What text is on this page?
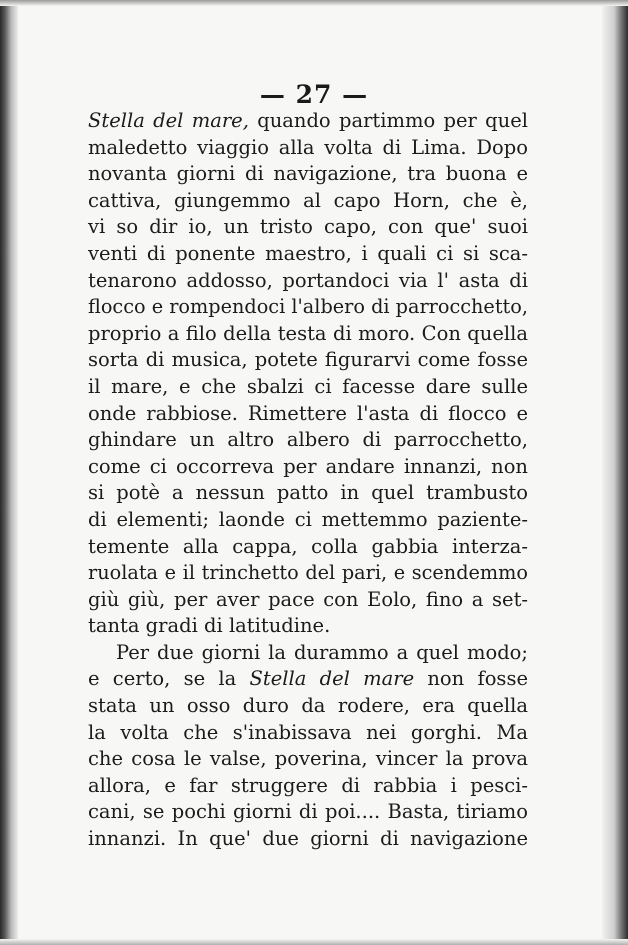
— 27 —
Stella del mare, quando partimmo per quel
maledetto viaggio alla volta di Lima. Dopo
novanta giorni di navigazione, tra buona e
cattiva, giungemmo al capo Horn, che è,
vi so dir io, un tristo capo, con que' suoi
venti di ponente maestro, i quali ci si sca-
tenarono addosso, portandoci via l' asta di
flocco e rompendoci l'albero di parrocchetto,
proprio a filo della testa di moro. Con quella
sorta di musica, potete figurarvi come fosse
il mare, e che sbalzi ci facesse dare sulle
onde rabbiose. Rimettere l'asta di flocco e
ghindare un altro albero di parrocchetto,
come ci occorreva per andare innanzi, non
si potè a nessun patto in quel trambusto
di elementi; laonde ci mettemmo paziente-
temente alla cappa, colla gabbia interza-
ruolata e il trinchetto del pari, e scendemmo
giù giù, per aver pace con Eolo, fino a set-
tanta gradi di latitudine.
Per due giorni la durammo a quel modo;
e certo, se la Stella del mare non fosse
stata un osso duro da rodere, era quella
la volta che s'inabissava nei gorghi. Ma
che cosa le valse, poverina, vincer la prova
allora, e far struggere di rabbia i pesci-
cani, se pochi giorni di poi.... Basta, tiriamo
innanzi. In que' due giorni di navigazione
